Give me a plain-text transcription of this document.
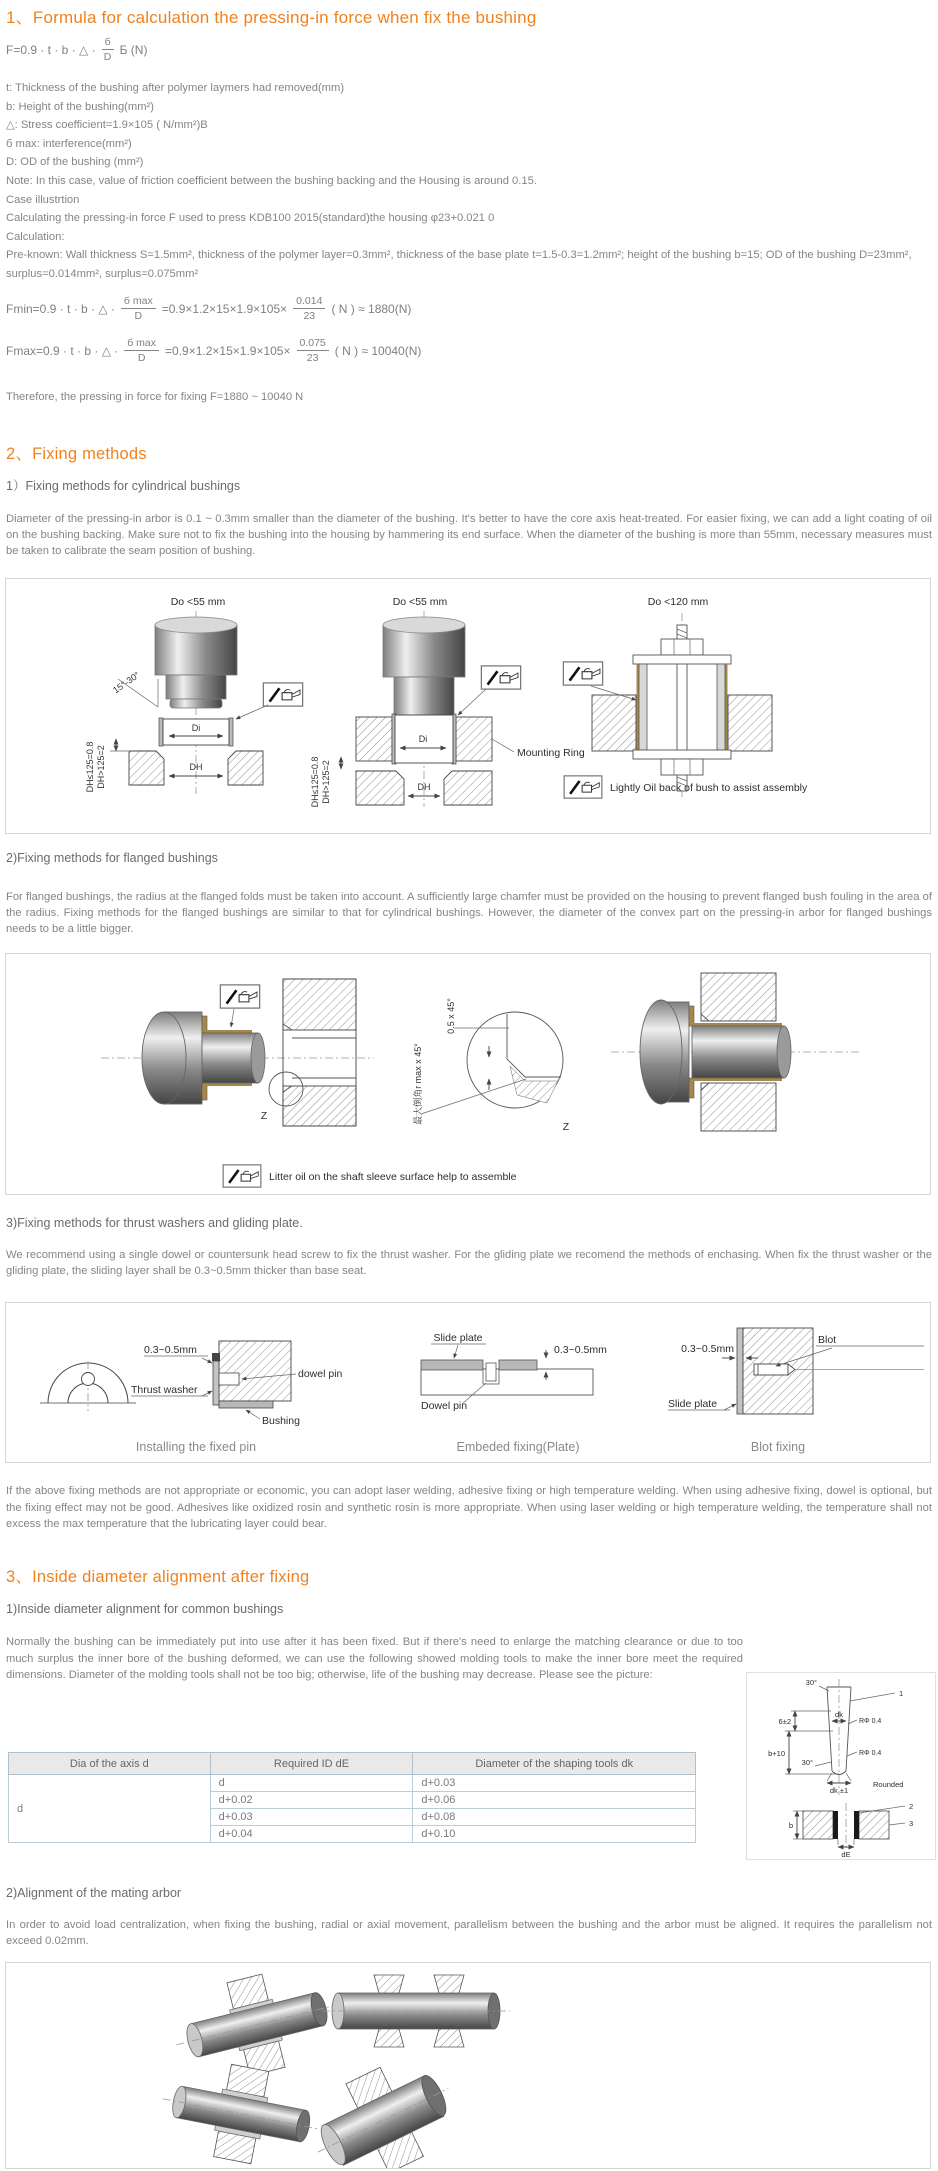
1、Formula for calculation the pressing-in force when fix the bushing
F=0.9 · t · b · △ · $\frac{б}{D}$ Б (N)
t: Thickness of the bushing after polymer laymers had removed(mm)
b: Height of the bushing(mm²)
△: Stress coefficient=1.9×105 ( N/mm²)B
б max: interference(mm²)
D: OD of the bushing (mm²)
Note: In this case, value of friction coefficient between the bushing backing and the Housing is around 0.15.
Case illustrtion
Calculating the pressing-in force F used to press KDB100 2015(standard)the housing φ23+0.021 0
Calculation:
Pre-known: Wall thickness S=1.5mm², thickness of the polymer layer=0.3mm², thickness of the base plate t=1.5-0.3=1.2mm²; height of the bushing b=15; OD of the bushing D=23mm², surplus=0.014mm², surplus=0.075mm²
Fmin=0.9 · t · b · △ · $\frac{\text{б max}}{D} =0.9\times 1.2\times 15\times 1.9\times 105\times \frac{0.014}{23}$ ( N ) ≈ 1880(N)
Fmax=0.9 · t · b · △ · $\frac{\text{б max}}{D} =0.9\times 1.2\times 15\times 1.9\times 105\times \frac{0.075}{23}$ ( N ) ≈ 10040(N)
Therefore, the pressing in force for fixing F=1880 ~ 10040 N
2、Fixing methods
1）Fixing methods for cylindrical bushings
Diameter of the pressing-in arbor is 0.1 ~ 0.3mm smaller than the diameter of the bushing. It's better to have the core axis heat-treated. For easier fixing, we can add a light coating of oil on the bushing backing. Make sure not to fix the bushing into the housing by hammering its end surface. When the diameter of the bushing is more than 55mm, necessary measures must be taken to calibrate the seam position of bushing.
Do <55 mm
15°-30°
Di
DH
DH≤125=0.8 DH>125=2
Do <55 mm
Di
Mounting Ring
DH
DH≤125=0.8 DH>125=2
Do <120 mm
Lightly Oil back of bush to assist assembly
2)Fixing methods for flanged bushings
For flanged bushings, the radius at the flanged folds must be taken into account. A sufficiently large chamfer must be provided on the housing to prevent flanged bush fouling in the area of the radius. Fixing methods for the flanged bushings are similar to that for cylindrical bushings. However, the diameter of the convex part on the pressing-in arbor for flanged bushings needs to be a little bigger.
Z
0.5 x 45°
最大倒角r max x 45°
Z
Litter oil on the shaft sleeve surface help to assemble
3)Fixing methods for thrust washers and gliding plate.
We recommend using a single dowel or countersunk head screw to fix the thrust washer. For the gliding plate we recomend the methods of enchasing. When fix the thrust washer or the gliding plate, the sliding layer shall be 0.3~0.5mm thicker than base seat.
0.3~0.5mm
Thrust washer
dowel pin
Bushing
Installing the fixed pin
Slide plate
0.3~0.5mm
Dowel pin
Embeded fixing(Plate)
Blot
0.3~0.5mm
Slide plate
Blot fixing
If the above fixing methods are not appropriate or economic, you can adopt laser welding, adhesive fixing or high temperature welding. When using adhesive fixing, dowel is optional, but the fixing effect may not be good. Adhesives like oxidized rosin and synthetic rosin is more appropriate. When using laser welding or high temperature welding, the temperature shall not excess the max temperature that the lubricating layer could bear.
3、Inside diameter alignment after fixing
1)Inside diameter alignment for common bushings
Normally the bushing can be immediately put into use after it has been fixed. But if there's need to enlarge the matching clearance or due to too much surplus the inner bore of the bushing deformed, we can use the following showed molding tools to make the inner bore meet the required dimensions. Diameter of the molding tools shall not be too big; otherwise, life of the bushing may decrease. Please see the picture:
Dia of the axis d	Required ID dE	Diameter of the shaping tools dk
d	d	d+0.03
	d+0.02	d+0.06
	d+0.03	d+0.08
	d+0.04	d+0.10
30°
6±2
b+10
dk
RΦ 0.4
RΦ 0.4
30°
dk ±1
Rounded
1
b
dE
2
3
2)Alignment of the mating arbor
In order to avoid load centralization, when fixing the bushing, radial or axial movement, parallelism between the bushing and the arbor must be aligned. It requires the parallelism not exceed 0.02mm.
